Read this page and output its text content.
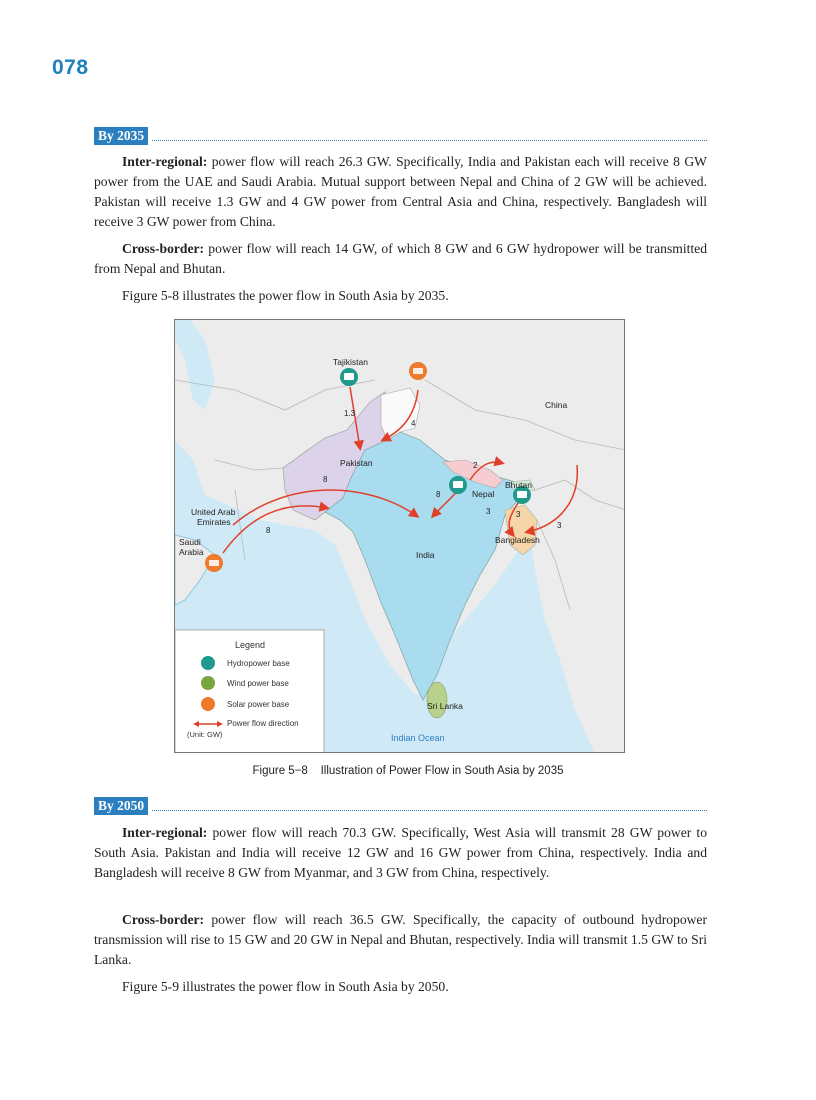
078
By 2035

Inter-regional: power flow will reach 26.3 GW. Specifically, India and Pakistan each will receive 8 GW power from the UAE and Saudi Arabia. Mutual support between Nepal and China of 2 GW will be achieved. Pakistan will receive 1.3 GW and 4 GW power from Central Asia and China, respectively. Bangladesh will receive 3 GW power from China.

Cross-border: power flow will reach 14 GW, of which 8 GW and 6 GW hydropower will be transmitted from Nepal and Bhutan.

Figure 5-8 illustrates the power flow in South Asia by 2035.

Tajikistan
China
Pakistan
United Arab
Emirates
Saudi
Arabia	India
Nepal
Bhutan
Bangladesh
Sri Lanka
Indian Ocean
1.3
4
8
8
8
2
3	3
3
Legend
Hydropower base
Wind power base
Solar power base
Power flow direction
(Unit: GW)
Figure 5−8    Illustration of Power Flow in South Asia by 2035
By 2050

Inter-regional: power flow will reach 70.3 GW. Specifically, West Asia will transmit 28 GW power to South Asia. Pakistan and India will receive 12 GW and 16 GW power from China, respectively. India and Bangladesh will receive 8 GW from Myanmar, and 3 GW from China, respectively.

Cross-border: power flow will reach 36.5 GW. Specifically, the capacity of outbound hydropower transmission will rise to 15 GW and 20 GW in Nepal and Bhutan, respectively. India will transmit 1.5 GW to Sri Lanka.

Figure 5-9 illustrates the power flow in South Asia by 2050.
